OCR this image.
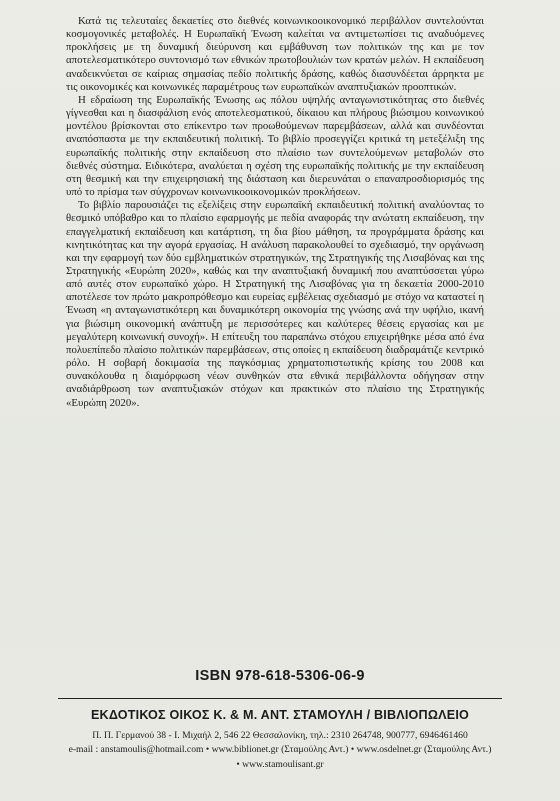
Κατά τις τελευταίες δεκαετίες στο διεθνές κοινωνικοοικονομικό περιβάλλον συντελούνται κοσμογονικές μεταβολές. Η Ευρωπαϊκή Ένωση καλείται να αντιμετωπίσει τις αναδυόμενες προκλήσεις με τη δυναμική διεύρυνση και εμβάθυνση των πολιτικών της και με τον αποτελεσματικότερο συντονισμό των εθνικών πρωτοβουλιών των κρατών μελών. Η εκπαίδευση αναδεικνύεται σε καίριας σημασίας πεδίο πολιτικής δράσης, καθώς διασυνδέεται άρρηκτα με τις οικονομικές και κοινωνικές παραμέτρους των ευρωπαϊκών αναπτυξιακών προοπτικών.

Η εδραίωση της Ευρωπαϊκής Ένωσης ως πόλου υψηλής ανταγωνιστικότητας στο διεθνές γίγνεσθαι και η διασφάλιση ενός αποτελεσματικού, δίκαιου και πλήρους βιώσιμου κοινωνικού μοντέλου βρίσκονται στο επίκεντρο των προωθούμενων παρεμβάσεων, αλλά και συνδέονται αναπόσπαστα με την εκπαιδευτική πολιτική. Το βιβλίο προσεγγίζει κριτικά τη μετεξέλιξη της ευρωπαϊκής πολιτικής στην εκπαίδευση στο πλαίσιο των συντελούμενων μεταβολών στο διεθνές σύστημα. Ειδικότερα, αναλύεται η σχέση της ευρωπαϊκής πολιτικής με την εκπαίδευση στη θεσμική και την επιχειρησιακή της διάσταση και διερευνάται ο επαναπροσδιορισμός της υπό το πρίσμα των σύγχρονων κοινωνικοοικονομικών προκλήσεων.

Το βιβλίο παρουσιάζει τις εξελίξεις στην ευρωπαϊκή εκπαιδευτική πολιτική αναλύοντας το θεσμικό υπόβαθρο και το πλαίσιο εφαρμογής με πεδία αναφοράς την ανώτατη εκπαίδευση, την επαγγελματική εκπαίδευση και κατάρτιση, τη δια βίου μάθηση, τα προγράμματα δράσης και κινητικότητας και την αγορά εργασίας. Η ανάλυση παρακολουθεί το σχεδιασμό, την οργάνωση και την εφαρμογή των δύο εμβληματικών στρατηγικών, της Στρατηγικής της Λισαβόνας και της Στρατηγικής «Ευρώπη 2020», καθώς και την αναπτυξιακή δυναμική που αναπτύσσεται γύρω από αυτές στον ευρωπαϊκό χώρο. Η Στρατηγική της Λισαβόνας για τη δεκαετία 2000-2010 αποτέλεσε τον πρώτο μακροπρόθεσμο και ευρείας εμβέλειας σχεδιασμό με στόχο να καταστεί η Ένωση «η ανταγωνιστικότερη και δυναμικότερη οικονομία της γνώσης ανά την υφήλιο, ικανή για βιώσιμη οικονομική ανάπτυξη με περισσότερες και καλύτερες θέσεις εργασίας και με μεγαλύτερη κοινωνική συνοχή». Η επίτευξη του παραπάνω στόχου επιχειρήθηκε μέσα από ένα πολυεπίπεδο πλαίσιο πολιτικών παρεμβάσεων, στις οποίες η εκπαίδευση διαδραμάτιζε κεντρικό ρόλο. Η σοβαρή δοκιμασία της παγκόσμιας χρηματοπιστωτικής κρίσης του 2008 και συνακόλουθα η διαμόρφωση νέων συνθηκών στα εθνικά περιβάλλοντα οδήγησαν στην αναδιάρθρωση των αναπτυξιακών στόχων και πρακτικών στο πλαίσιο της Στρατηγικής «Ευρώπη 2020».

ISBN 978-618-5306-06-9
ΕΚΔΟΤΙΚΟΣ ΟΙΚΟΣ Κ. & Μ. ΑΝΤ. ΣΤΑΜΟΥΛΗ / ΒΙΒΛΙΟΠΩΛΕΙΟ
Π. Π. Γερμανού 38 - Ι. Μιχαήλ 2, 546 22 Θεσσαλονίκη, τηλ.: 2310 264748, 900777, 6946461460
e-mail : anstamoulis@hotmail.com • www.biblionet.gr (Σταμούλης Αντ.) • www.osdelnet.gr (Σταμούλης Αντ.)
• www.stamoulisant.gr
